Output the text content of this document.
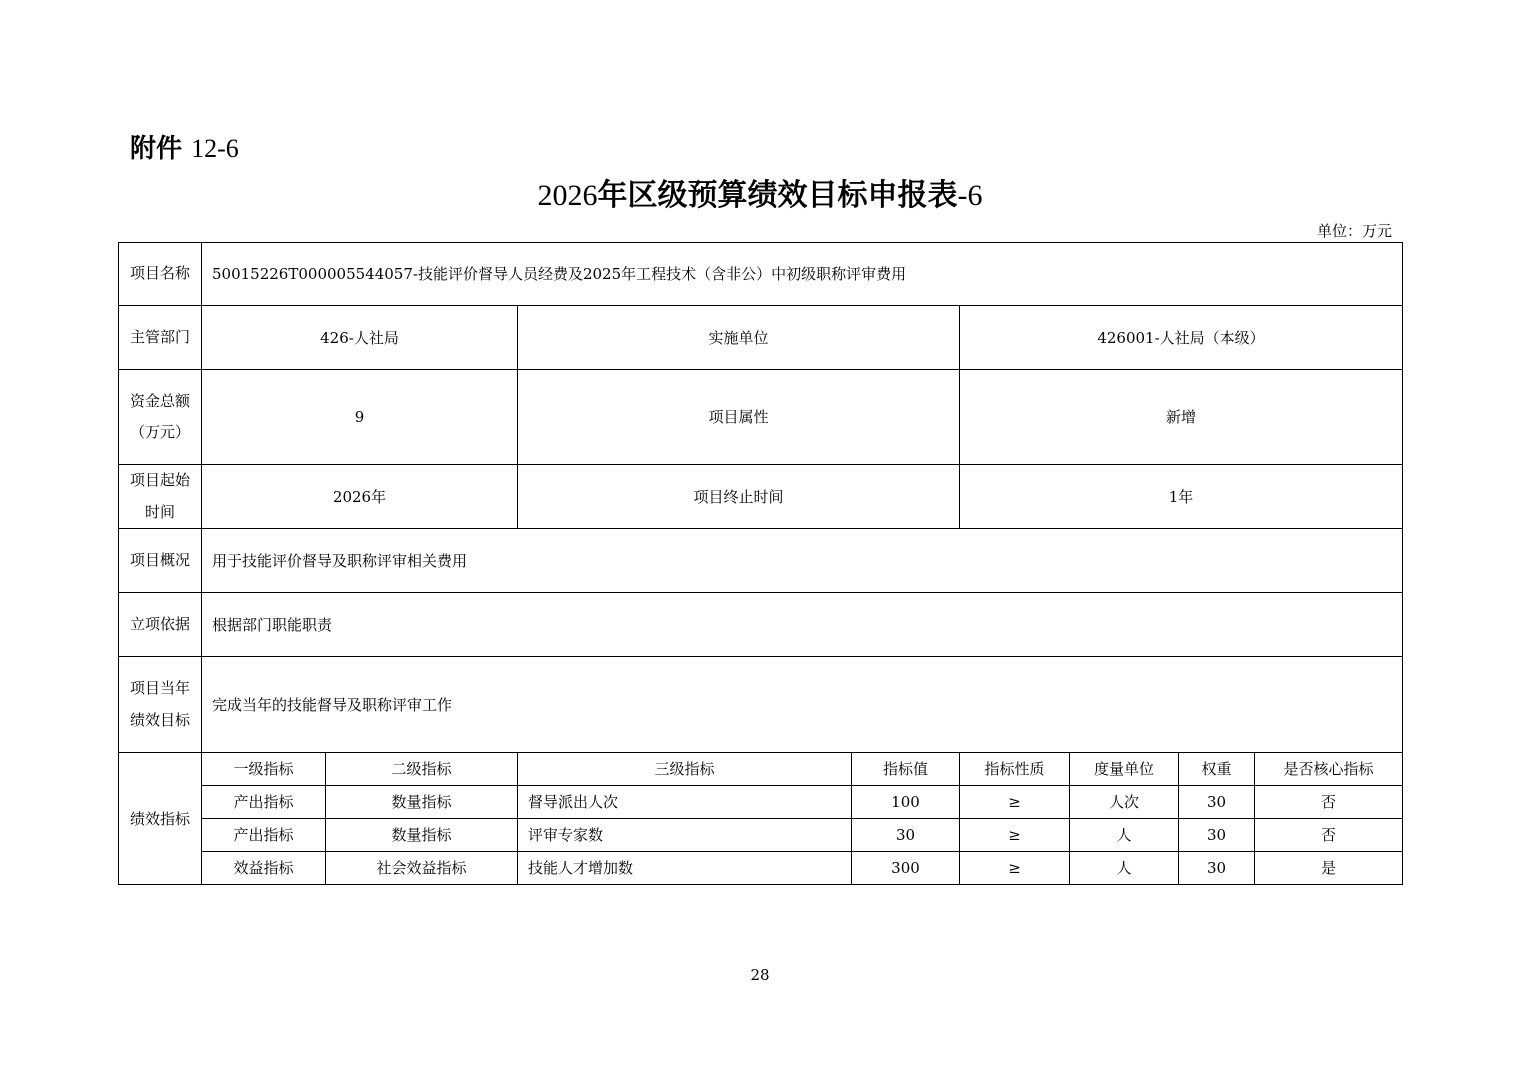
附件 12-6
2026年区级预算绩效目标申报表-6
单位：万元
项目名称	50015226T000005544057-技能评价督导人员经费及2025年工程技术（含非公）中初级职称评审费用							
主管部门	426-人社局		实施单位		426001-人社局（本级）			
资金总额（万元）	9		项目属性		新增			
项目起始时间	2026年		项目终止时间		1年			
项目概况	用于技能评价督导及职称评审相关费用							
立项依据	根据部门职能职责							
项目当年绩效目标	完成当年的技能督导及职称评审工作							
绩效指标	一级指标	二级指标	三级指标	指标值	指标性质	度量单位	权重	是否核心指标
	产出指标	数量指标	督导派出人次	100	≥	人次	30	否
	产出指标	数量指标	评审专家数	30	≥	人	30	否
	效益指标	社会效益指标	技能人才增加数	300	≥	人	30	是
28
